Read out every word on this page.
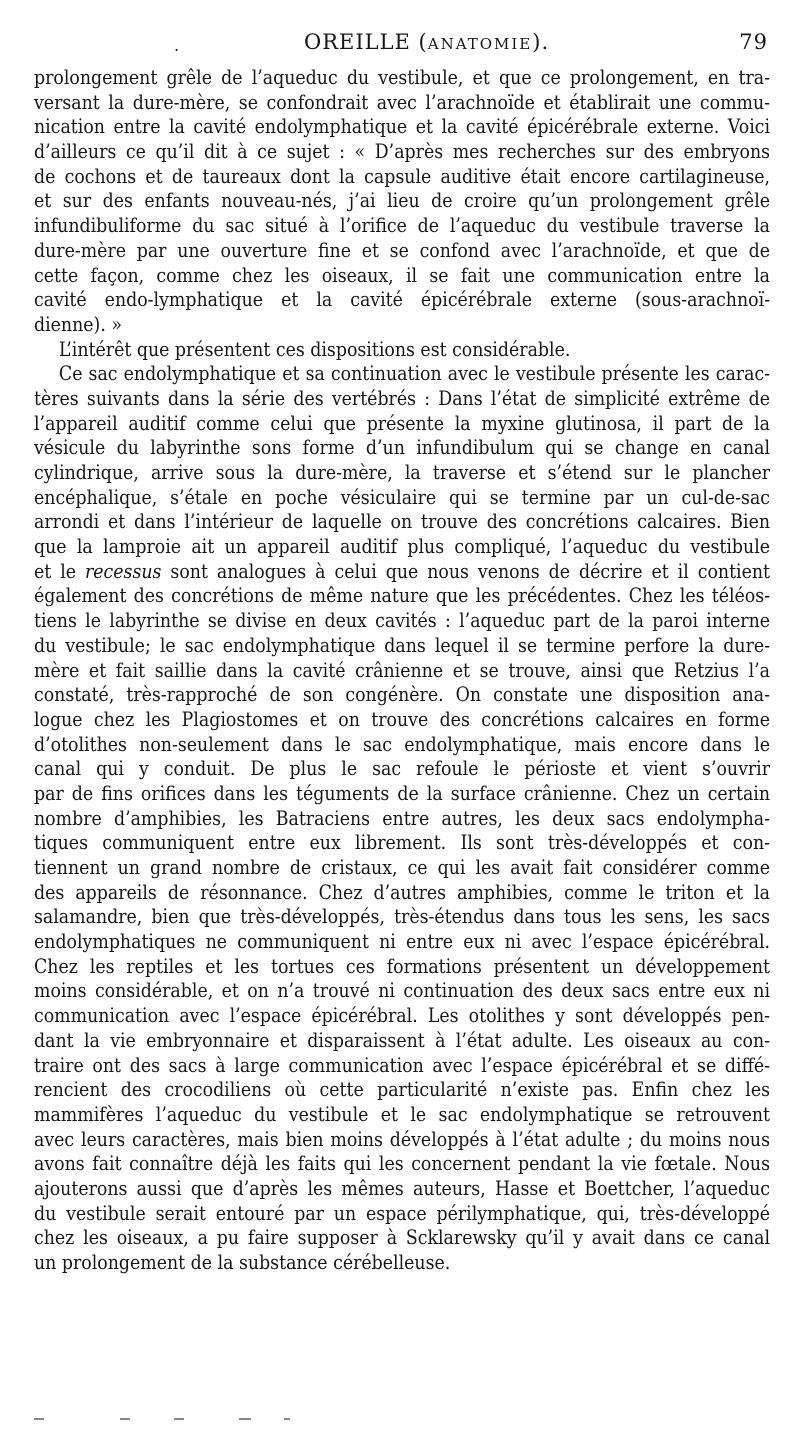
.	OREILLE (ANATOMIE).	79
prolongement grêle de l’aqueduc du vestibule, et que ce prolongement, en tra-
versant la dure-mère, se confondrait avec l’arachnoïde et établirait une commu-
nication entre la cavité endolymphatique et la cavité épicérébrale externe. Voici
d’ailleurs ce qu’il dit à ce sujet : « D’après mes recherches sur des embryons
de cochons et de taureaux dont la capsule auditive était encore cartilagineuse,
et sur des enfants nouveau-nés, j’ai lieu de croire qu’un prolongement grêle
infundibuliforme du sac situé à l’orifice de l’aqueduc du vestibule traverse la
dure-mère par une ouverture fine et se confond avec l’arachnoïde, et que de
cette façon, comme chez les oiseaux, il se fait une communication entre la
cavité endo-lymphatique et la cavité épicérébrale externe (sous-arachnoï-
dienne). »
L’intérêt que présentent ces dispositions est considérable.
Ce sac endolymphatique et sa continuation avec le vestibule présente les carac-
tères suivants dans la série des vertébrés : Dans l’état de simplicité extrême de
l’appareil auditif comme celui que présente la myxine glutinosa, il part de la
vésicule du labyrinthe sons forme d’un infundibulum qui se change en canal
cylindrique, arrive sous la dure-mère, la traverse et s’étend sur le plancher
encéphalique, s’étale en poche vésiculaire qui se termine par un cul-de-sac
arrondi et dans l’intérieur de laquelle on trouve des concrétions calcaires. Bien
que la lamproie ait un appareil auditif plus compliqué, l’aqueduc du vestibule
et le recessus sont analogues à celui que nous venons de décrire et il contient
également des concrétions de même nature que les précédentes. Chez les téléos-
tiens le labyrinthe se divise en deux cavités : l’aqueduc part de la paroi interne
du vestibule; le sac endolymphatique dans lequel il se termine perfore la dure-
mère et fait saillie dans la cavité crânienne et se trouve, ainsi que Retzius l’a
constaté, très-rapproché de son congénère. On constate une disposition ana-
logue chez les Plagiostomes et on trouve des concrétions calcaires en forme
d’otolithes non-seulement dans le sac endolymphatique, mais encore dans le
canal qui y conduit. De plus le sac refoule le périoste et vient s’ouvrir
par de fins orifices dans les téguments de la surface crânienne. Chez un certain
nombre d’amphibies, les Batraciens entre autres, les deux sacs endolympha-
tiques communiquent entre eux librement. Ils sont très-développés et con-
tiennent un grand nombre de cristaux, ce qui les avait fait considérer comme
des appareils de résonnance. Chez d’autres amphibies, comme le triton et la
salamandre, bien que très-développés, très-étendus dans tous les sens, les sacs
endolymphatiques ne communiquent ni entre eux ni avec l’espace épicérébral.
Chez les reptiles et les tortues ces formations présentent un développement
moins considérable, et on n’a trouvé ni continuation des deux sacs entre eux ni
communication avec l’espace épicérébral. Les otolithes y sont développés pen-
dant la vie embryonnaire et disparaissent à l’état adulte. Les oiseaux au con-
traire ont des sacs à large communication avec l’espace épicérébral et se diffé-
rencient des crocodiliens où cette particularité n’existe pas. Enfin chez les
mammifères l’aqueduc du vestibule et le sac endolymphatique se retrouvent
avec leurs caractères, mais bien moins développés à l’état adulte ; du moins nous
avons fait connaître déjà les faits qui les concernent pendant la vie fœtale. Nous
ajouterons aussi que d’après les mêmes auteurs, Hasse et Boettcher, l’aqueduc
du vestibule serait entouré par un espace périlymphatique, qui, très-développé
chez les oiseaux, a pu faire supposer à Scklarewsky qu’il y avait dans ce canal
un prolongement de la substance cérébelleuse.
